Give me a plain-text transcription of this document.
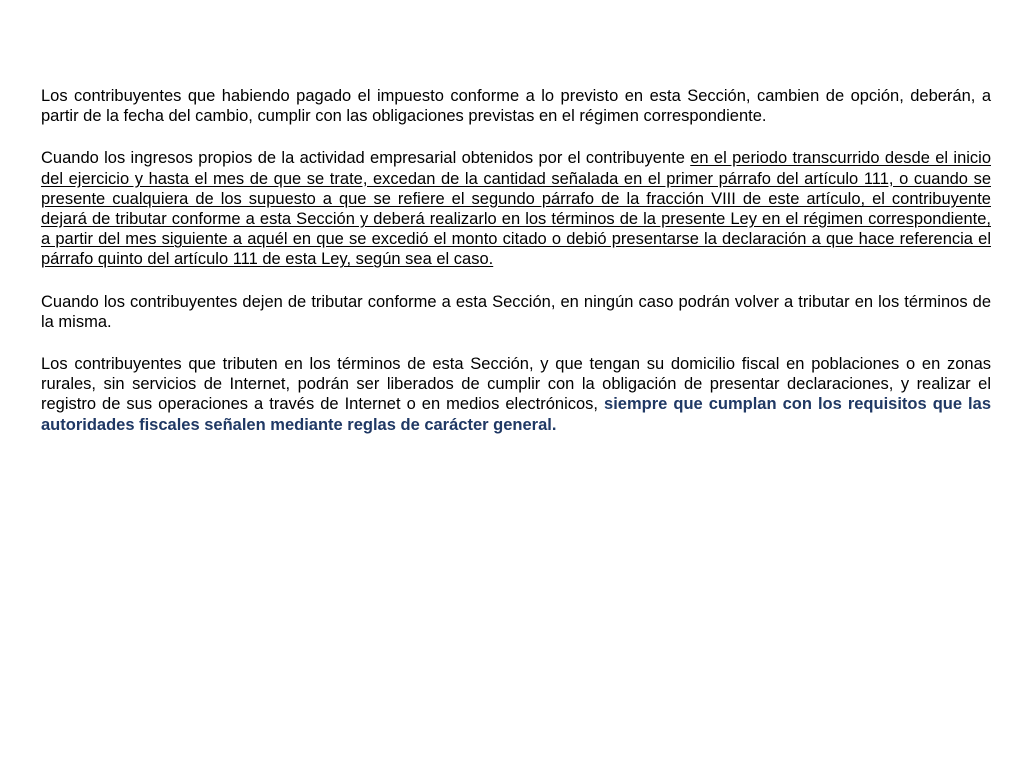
Los contribuyentes que habiendo pagado el impuesto conforme a lo previsto en esta Sección, cambien de opción, deberán, a partir de la fecha del cambio, cumplir con las obligaciones previstas en el régimen correspondiente.

Cuando los ingresos propios de la actividad empresarial obtenidos por el contribuyente en el periodo transcurrido desde el inicio del ejercicio y hasta el mes de que se trate, excedan de la cantidad señalada en el primer párrafo del artículo 111, o cuando se presente cualquiera de los supuesto a que se refiere el segundo párrafo de la fracción VIII de este artículo, el contribuyente dejará de tributar conforme a esta Sección y deberá realizarlo en los términos de la presente Ley en el régimen correspondiente, a partir del mes siguiente a aquél en que se excedió el monto citado o debió presentarse la declaración a que hace referencia el párrafo quinto del artículo 111 de esta Ley, según sea el caso.

Cuando los contribuyentes dejen de tributar conforme a esta Sección, en ningún caso podrán volver a tributar en los términos de la misma.

Los contribuyentes que tributen en los términos de esta Sección, y que tengan su domicilio fiscal en poblaciones o en zonas rurales, sin servicios de Internet, podrán ser liberados de cumplir con la obligación de presentar declaraciones, y realizar el registro de sus operaciones a través de Internet o en medios electrónicos, siempre que cumplan con los requisitos que las autoridades fiscales señalen mediante reglas de carácter general.
